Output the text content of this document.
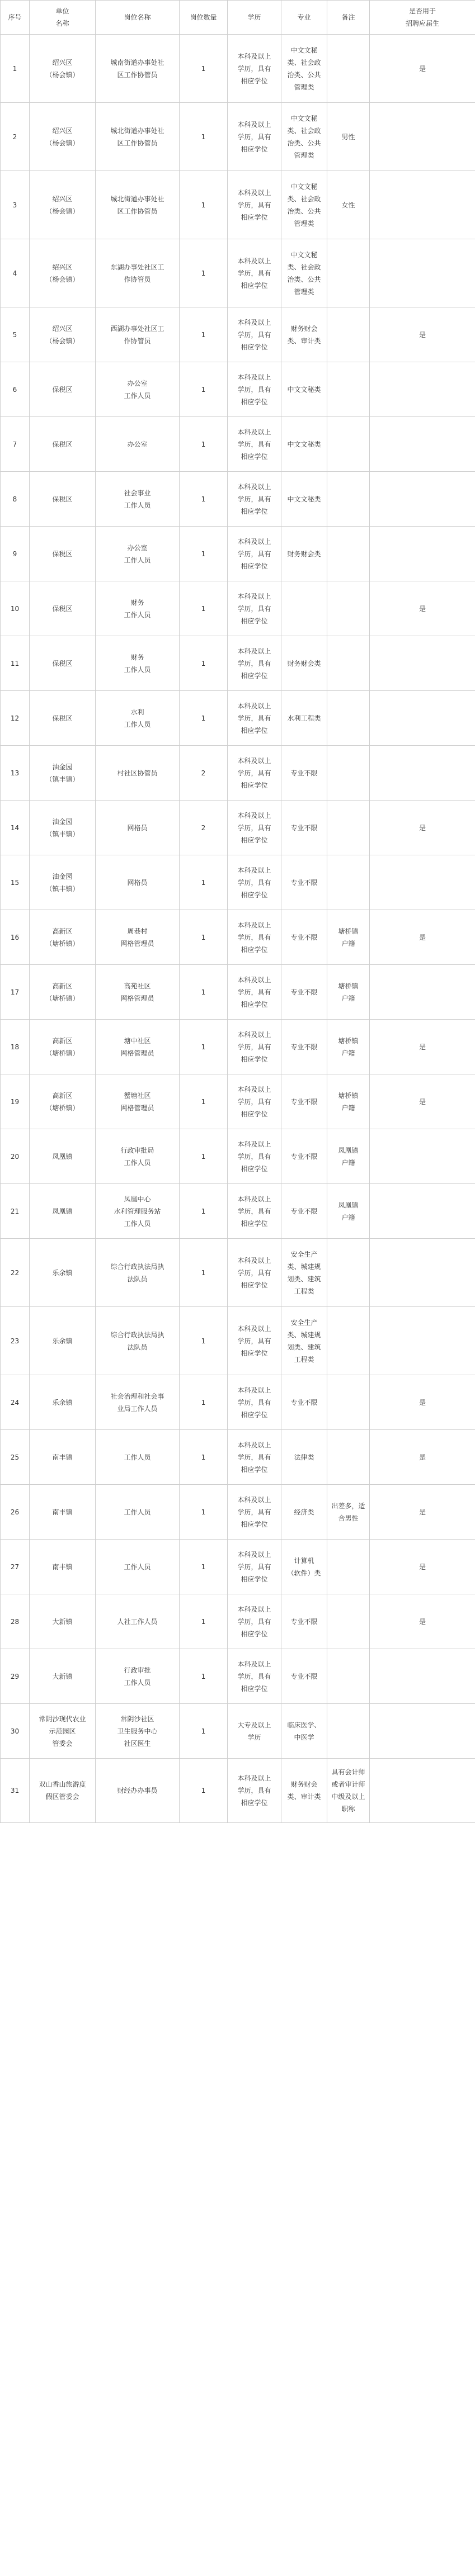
序号	单位
名称	岗位名称	岗位数量	学历	专业	备注	是否用于
招聘应届生
1	绍兴区
（杨会镇）	城南街道办事处社
区工作协管员	1	本科及以上
学历，具有
相应学位	中文文秘
类、社会政
治类、公共
管理类		是
2	绍兴区
（杨会镇）	城北街道办事处社
区工作协管员	1	本科及以上
学历，具有
相应学位	中文文秘
类、社会政
治类、公共
管理类	男性	
3	绍兴区
（杨会镇）	城北街道办事处社
区工作协管员	1	本科及以上
学历，具有
相应学位	中文文秘
类、社会政
治类、公共
管理类	女性	
4	绍兴区
（杨会镇）	东湖办事处社区工
作协管员	1	本科及以上
学历，具有
相应学位	中文文秘
类、社会政
治类、公共
管理类		
5	绍兴区
（杨会镇）	西湖办事处社区工
作协管员	1	本科及以上
学历，具有
相应学位	财务财会
类、审计类		是
6	保税区	办公室
工作人员	1	本科及以上
学历，具有
相应学位	中文文秘类		
7	保税区	办公室	1	本科及以上
学历，具有
相应学位	中文文秘类		
8	保税区	社会事业
工作人员	1	本科及以上
学历，具有
相应学位	中文文秘类		
9	保税区	办公室
工作人员	1	本科及以上
学历，具有
相应学位	财务财会类		
10	保税区	财务
工作人员	1	本科及以上
学历，具有
相应学位			是
11	保税区	财务
工作人员	1	本科及以上
学历，具有
相应学位	财务财会类		
12	保税区	水利
工作人员	1	本科及以上
学历，具有
相应学位	水利工程类		
13	油金园
（镇丰镇）	村社区协管员	2	本科及以上
学历，具有
相应学位	专业不限		
14	油金园
（镇丰镇）	网格员	2	本科及以上
学历，具有
相应学位	专业不限		是
15	油金园
（镇丰镇）	网格员	1	本科及以上
学历，具有
相应学位	专业不限		
16	高新区
（塘桥镇）	周巷村
网格管理员	1	本科及以上
学历，具有
相应学位	专业不限	塘桥镇
户籍	是
17	高新区
（塘桥镇）	高苑社区
网格管理员	1	本科及以上
学历，具有
相应学位	专业不限	塘桥镇
户籍	
18	高新区
（塘桥镇）	塘中社区
网格管理员	1	本科及以上
学历，具有
相应学位	专业不限	塘桥镇
户籍	是
19	高新区
（塘桥镇）	蟹塘社区
网格管理员	1	本科及以上
学历，具有
相应学位	专业不限	塘桥镇
户籍	是
20	凤凰镇	行政审批局
工作人员	1	本科及以上
学历，具有
相应学位	专业不限	凤凰镇
户籍	
21	凤凰镇	凤凰中心
水利管理服务站
工作人员	1	本科及以上
学历，具有
相应学位	专业不限	凤凰镇
户籍	
22	乐余镇	综合行政执法局执
法队员	1	本科及以上
学历，具有
相应学位	安全生产
类、城建规
划类、建筑
工程类		
23	乐余镇	综合行政执法局执
法队员	1	本科及以上
学历，具有
相应学位	安全生产
类、城建规
划类、建筑
工程类		
24	乐余镇	社会治理和社会事
业局工作人员	1	本科及以上
学历，具有
相应学位	专业不限		是
25	南丰镇	工作人员	1	本科及以上
学历，具有
相应学位	法律类		是
26	南丰镇	工作人员	1	本科及以上
学历，具有
相应学位	经济类	出差多，适
合男性	是
27	南丰镇	工作人员	1	本科及以上
学历，具有
相应学位	计算机
（软件）类		是
28	大新镇	人社工作人员	1	本科及以上
学历，具有
相应学位	专业不限		是
29	大新镇	行政审批
工作人员	1	本科及以上
学历，具有
相应学位	专业不限		
30	常阴沙现代农业
示范园区
管委会	常阴沙社区
卫生服务中心
社区医生	1	大专及以上
学历	临床医学、
中医学		
31	双山香山旅游度
假区管委会	财经办办事员	1	本科及以上
学历，具有
相应学位	财务财会
类、审计类	具有会计师
或者审计师
中级及以上
职称	
